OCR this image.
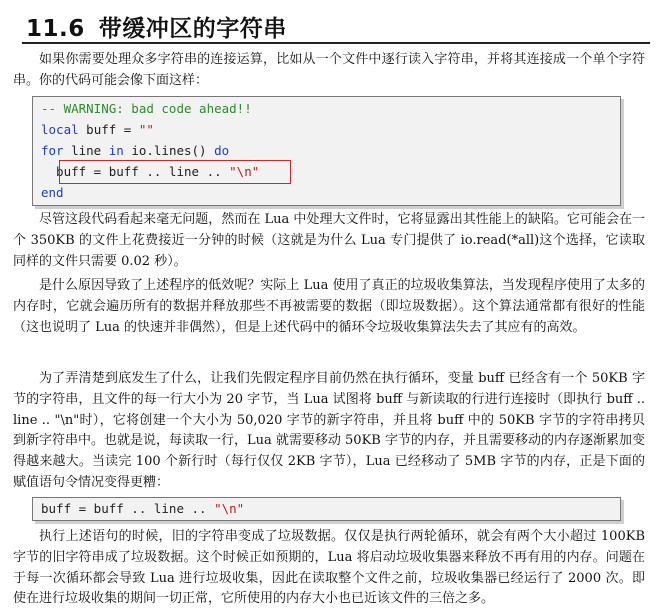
11.6 带缓冲区的字符串
如果你需要处理众多字符串的连接运算，比如从一个文件中逐行读入字符串，并将其连接成一个单个字符串。你的代码可能会像下面这样：
-- WARNING: bad code ahead!!
local buff = ""
for line in io.lines() do
buff = buff .. line .. "\n"
end
尽管这段代码看起来毫无问题，然而在 Lua 中处理大文件时，它将显露出其性能上的缺陷。它可能会在一个 350KB 的文件上花费接近一分钟的时候（这就是为什么 Lua 专门提供了 io.read(*all)这个选择，它读取同样的文件只需要 0.02 秒）。
是什么原因导致了上述程序的低效呢？实际上 Lua 使用了真正的垃圾收集算法，当发现程序使用了太多的内存时，它就会遍历所有的数据并释放那些不再被需要的数据（即垃圾数据）。这个算法通常都有很好的性能（这也说明了 Lua 的快速并非偶然），但是上述代码中的循环令垃圾收集算法失去了其应有的高效。
为了弄清楚到底发生了什么，让我们先假定程序目前仍然在执行循环，变量 buff 已经含有一个 50KB 字节的字符串，且文件的每一行大小为 20 字节，当 Lua 试图将 buff 与新读取的行进行连接时（即执行 buff .. line .. "\n"时），它将创建一个大小为 50,020 字节的新字符串，并且将 buff 中的 50KB 字节的字符串拷贝到新字符串中。也就是说，每读取一行，Lua 就需要移动 50KB 字节的内存，并且需要移动的内存逐渐累加变得越来越大。当读完 100 个新行时（每行仅仅 2KB 字节），Lua 已经移动了 5MB 字节的内存，正是下面的赋值语句令情况变得更糟：
buff = buff .. line .. "\n"
执行上述语句的时候，旧的字符串变成了垃圾数据。仅仅是执行两轮循环，就会有两个大小超过 100KB 字节的旧字符串成了垃圾数据。这个时候正如预期的，Lua 将启动垃圾收集器来释放不再有用的内存。问题在于每一次循环都会导致 Lua 进行垃圾收集，因此在读取整个文件之前，垃圾收集器已经运行了 2000 次。即使在进行垃圾收集的期间一切正常，它所使用的内存大小也已近该文件的三倍之多。
